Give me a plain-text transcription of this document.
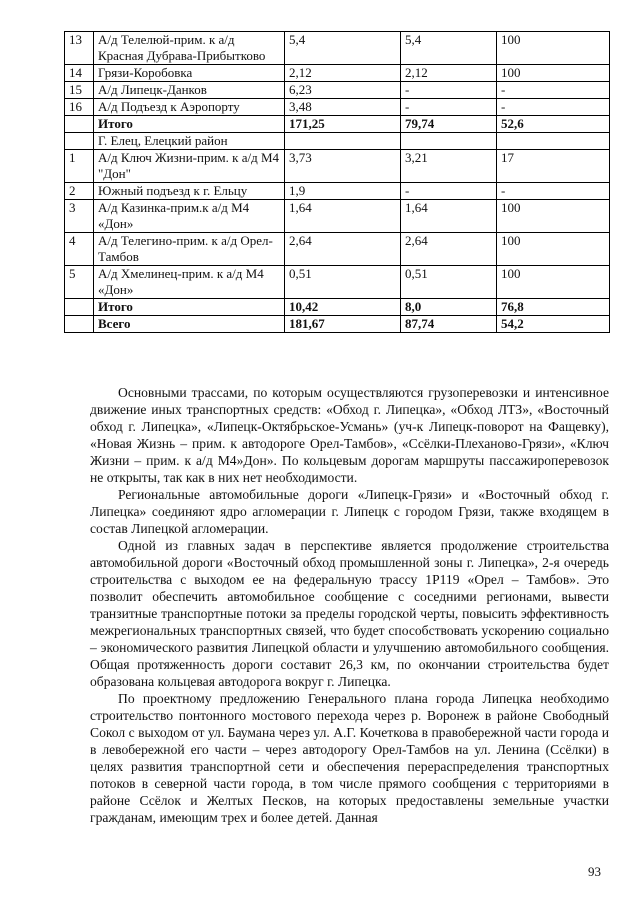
13	А/д Телелюй-прим. к а/д Красная Дубрава-Прибытково	5,4	5,4	100
14	Грязи-Коробовка	2,12	2,12	100
15	А/д Липецк-Данков	6,23	-	-
16	А/д Подъезд к Аэропорту	3,48	-	-
	Итого	171,25	79,74	52,6
	Г. Елец, Елецкий район			
1	А/д Ключ Жизни-прим. к а/д М4 "Дон"	3,73	3,21	17
2	Южный подъезд к г. Ельцу	1,9	-	-
3	А/д Казинка-прим.к а/д М4 «Дон»	1,64	1,64	100
4	А/д Телегино-прим. к а/д Орел-Тамбов	2,64	2,64	100
5	А/д Хмелинец-прим. к а/д М4 «Дон»	0,51	0,51	100
	Итого	10,42	8,0	76,8
	Всего	181,67	87,74	54,2

Основными трассами, по которым осуществляются грузоперевозки и интенсивное движение иных транспортных средств: «Обход г. Липецка», «Обход ЛТЗ», «Восточный обход г. Липецка», «Липецк-Октябрьское-Усмань» (уч-к Липецк-поворот на Фащевку), «Новая Жизнь – прим. к автодороге Орел-Тамбов», «Ссёлки-Плеханово-Грязи», «Ключ Жизни – прим. к а/д М4»Дон». По кольцевым дорогам маршруты пассажироперевозок не открыты, так как в них нет необходимости.

Региональные автомобильные дороги «Липецк-Грязи» и «Восточный обход г. Липецка» соединяют ядро агломерации г. Липецк с городом Грязи, также входящем в состав Липецкой агломерации.

Одной из главных задач в перспективе является продолжение строительства автомобильной дороги «Восточный обход промышленной зоны г. Липецка», 2-я очередь строительства с выходом ее на федеральную трассу 1Р119 «Орел – Тамбов». Это позволит обеспечить автомобильное сообщение с соседними регионами, вывести транзитные транспортные потоки за пределы городской черты, повысить эффективность межрегиональных транспортных связей, что будет способствовать ускорению социально – экономического развития Липецкой области и улучшению автомобильного сообщения. Общая протяженность дороги составит 26,3 км, по окончании строительства будет образована кольцевая автодорога вокруг г. Липецка.

По проектному предложению Генерального плана города Липецка необходимо строительство понтонного мостового перехода через р. Воронеж в районе Свободный Сокол с выходом от ул. Баумана через ул. А.Г. Кочеткова в правобережной части города и в левобережной его части – через автодорогу Орел-Тамбов на ул. Ленина (Ссёлки) в целях развития транспортной сети и обеспечения перераспределения транспортных потоков в северной части города, в том числе прямого сообщения с территориями в районе Ссёлок и Желтых Песков, на которых предоставлены земельные участки гражданам, имеющим трех и более детей. Данная

93
